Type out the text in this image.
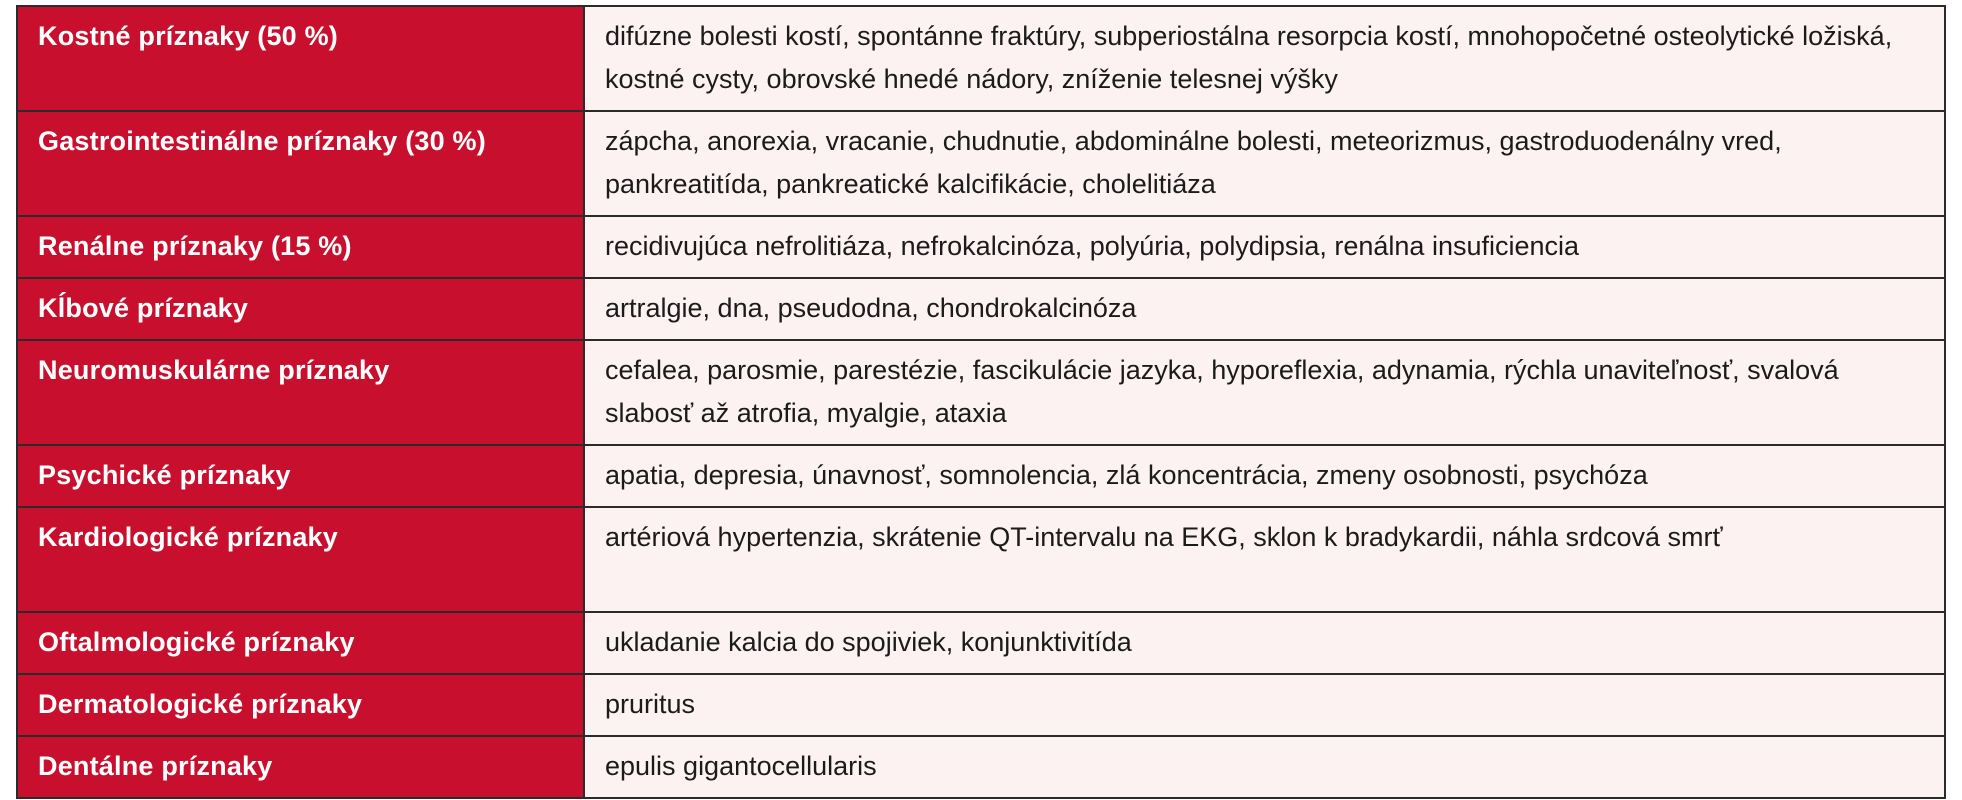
Kostné príznaky (50 %)	difúzne bolesti kostí, spontánne fraktúry, subperiostálna resorpcia kostí, mnohopočetné osteolytické ložiská, kostné cysty, obrovské hnedé nádory, zníženie telesnej výšky
Gastrointestinálne príznaky (30 %)	zápcha, anorexia, vracanie, chudnutie, abdominálne bolesti, meteorizmus, gastroduodenálny vred, pankreatitída, pankreatické kalcifikácie, cholelitiáza
Renálne príznaky (15 %)	recidivujúca nefrolitiáza, nefrokalcinóza, polyúria, polydipsia, renálna insuficiencia
Kĺbové príznaky	artralgie, dna, pseudodna, chondrokalcinóza
Neuromuskulárne príznaky	cefalea, parosmie, parestézie, fascikulácie jazyka, hyporeflexia, adynamia, rýchla unaviteľnosť, svalová slabosť až atrofia, myalgie, ataxia
Psychické príznaky	apatia, depresia, únavnosť, somnolencia, zlá koncentrácia, zmeny osobnosti, psychóza
Kardiologické príznaky	artériová hypertenzia, skrátenie QT-intervalu na EKG, sklon k bradykardii, náhla srdcová smrť
Oftalmologické príznaky	ukladanie kalcia do spojiviek, konjunktivitída
Dermatologické príznaky	pruritus
Dentálne príznaky	epulis gigantocellularis
